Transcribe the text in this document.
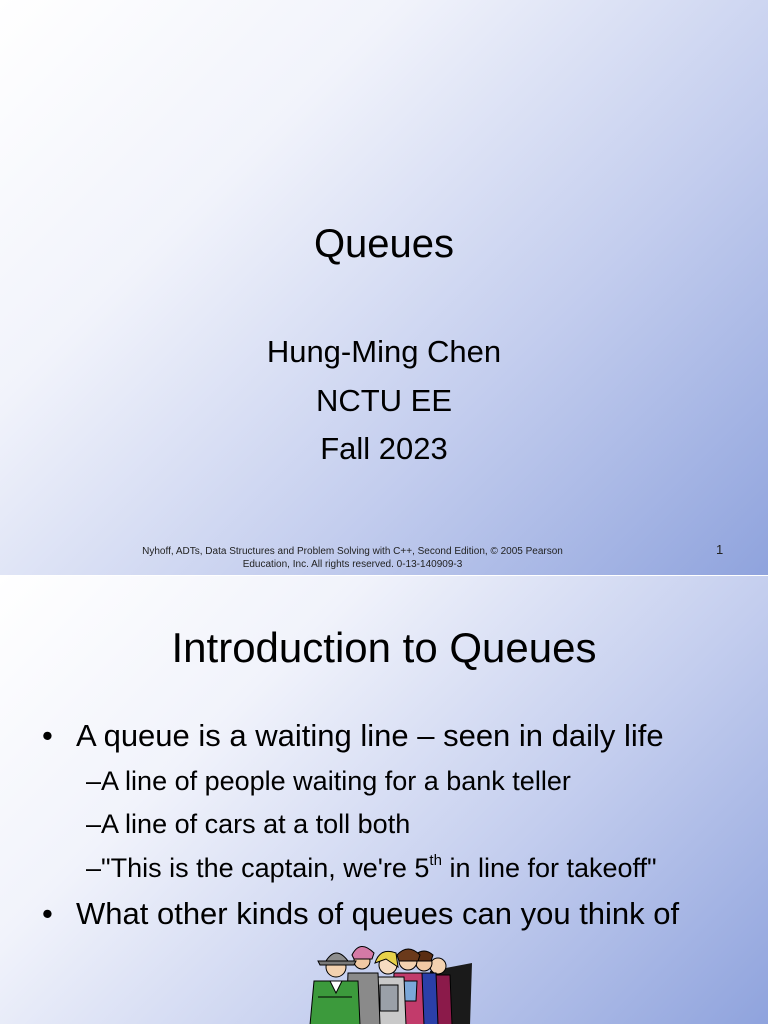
Queues
Hung-Ming Chen
NCTU EE
Fall 2023
Nyhoff, ADTs, Data Structures and Problem Solving with C++, Second Edition, © 2005 Pearson
Education, Inc. All rights reserved. 0-13-140909-3
1
Introduction to Queues
• A queue is a waiting line – seen in daily life
–A line of people waiting for a bank teller
–A line of cars at a toll both
–"This is the captain, we're 5th in line for takeoff"
• What other kinds of queues can you think of
